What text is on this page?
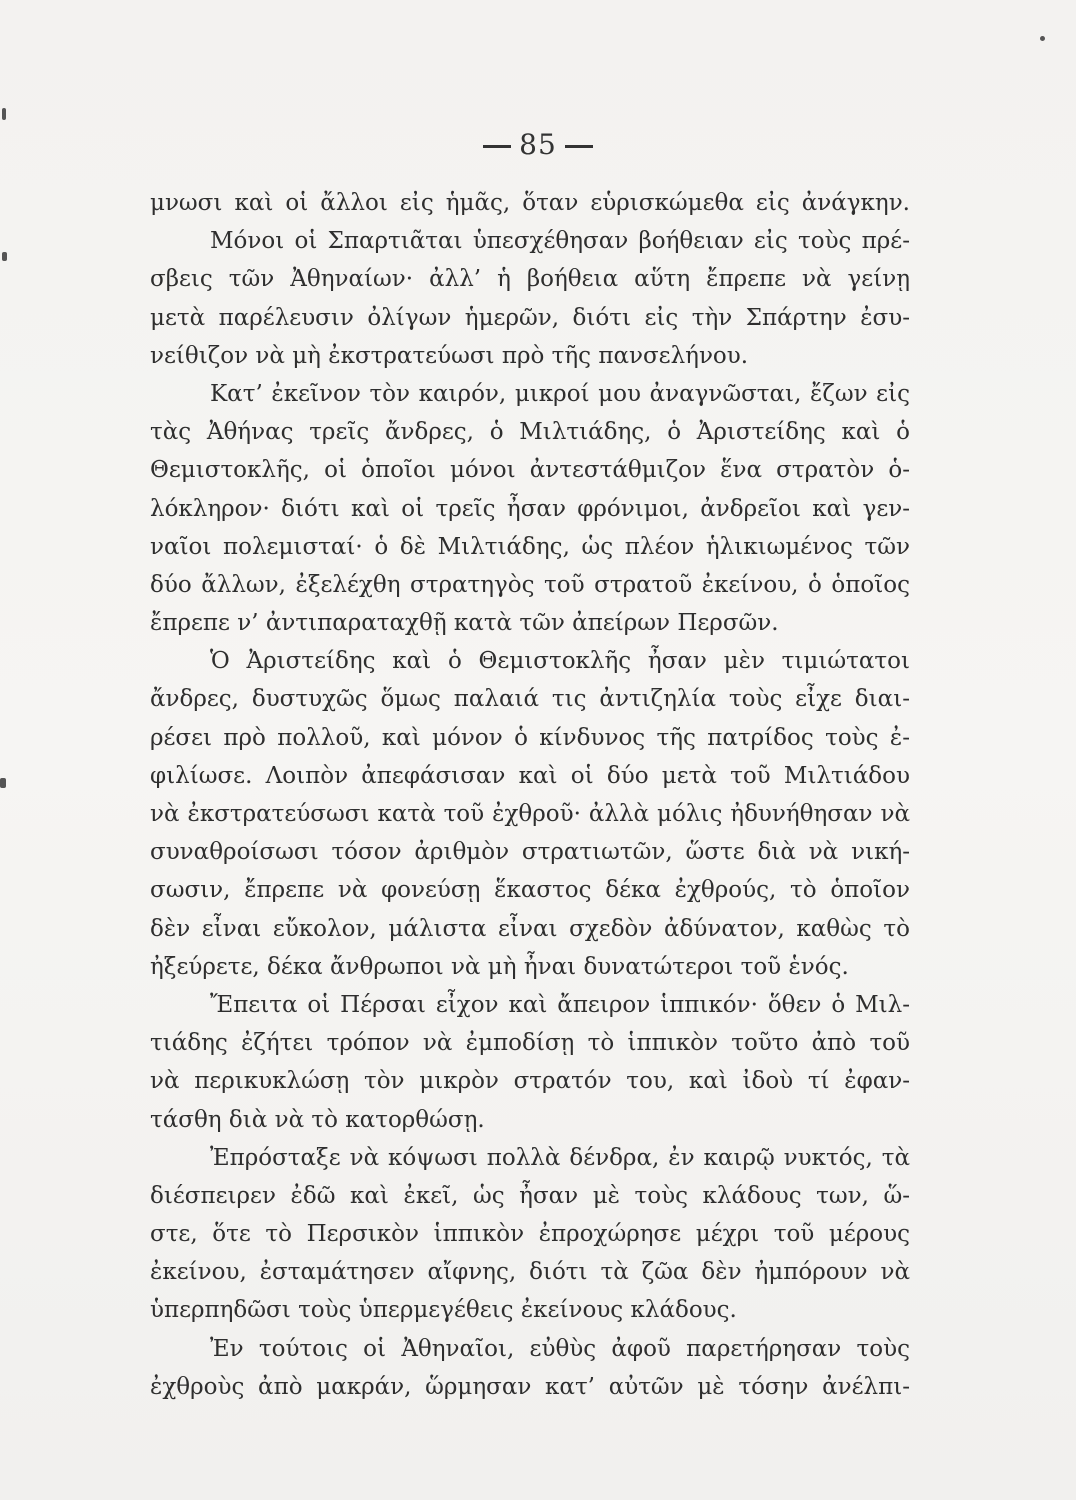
85
μνωσι καὶ οἱ ἄλλοι εἰς ἡμᾶς, ὅταν εὑρισκώμεθα εἰς ἀνάγκην.
Μόνοι οἱ Σπαρτιᾶται ὑπεσχέθησαν βοήθειαν εἰς τοὺς πρέ-
σβεις τῶν Ἀθηναίων· ἀλλ’ ἡ βοήθεια αὕτη ἔπρεπε νὰ γείνῃ
μετὰ παρέλευσιν ὀλίγων ἡμερῶν, διότι εἰς τὴν Σπάρτην ἐσυ-
νείθιζον νὰ μὴ ἐκστρατεύωσι πρὸ τῆς πανσελήνου.
Κατ’ ἐκεῖνον τὸν καιρόν, μικροί μου ἀναγνῶσται, ἔζων εἰς
τὰς Ἀθήνας τρεῖς ἄνδρες, ὁ Μιλτιάδης, ὁ Ἀριστείδης καὶ ὁ
Θεμιστοκλῆς, οἱ ὁποῖοι μόνοι ἀντεστάθμιζον ἕνα στρατὸν ὁ-
λόκληρον· διότι καὶ οἱ τρεῖς ἦσαν φρόνιμοι, ἀνδρεῖοι καὶ γεν-
ναῖοι πολεμισταί· ὁ δὲ Μιλτιάδης, ὡς πλέον ἡλικιωμένος τῶν
δύο ἄλλων, ἐξελέχθη στρατηγὸς τοῦ στρατοῦ ἐκείνου, ὁ ὁποῖος
ἔπρεπε ν’ ἀντιπαραταχθῇ κατὰ τῶν ἀπείρων Περσῶν.
Ὁ Ἀριστείδης καὶ ὁ Θεμιστοκλῆς ἦσαν μὲν τιμιώτατοι
ἄνδρες, δυστυχῶς ὅμως παλαιά τις ἀντιζηλία τοὺς εἶχε διαι-
ρέσει πρὸ πολλοῦ, καὶ μόνον ὁ κίνδυνος τῆς πατρίδος τοὺς ἐ-
φιλίωσε. Λοιπὸν ἀπεφάσισαν καὶ οἱ δύο μετὰ τοῦ Μιλτιάδου
νὰ ἐκστρατεύσωσι κατὰ τοῦ ἐχθροῦ· ἀλλὰ μόλις ἠδυνήθησαν νὰ
συναθροίσωσι τόσον ἀριθμὸν στρατιωτῶν, ὥστε διὰ νὰ νική-
σωσιν, ἔπρεπε νὰ φονεύσῃ ἕκαστος δέκα ἐχθρούς, τὸ ὁποῖον
δὲν εἶναι εὔκολον, μάλιστα εἶναι σχεδὸν ἀδύνατον, καθὼς τὸ
ἠξεύρετε, δέκα ἄνθρωποι νὰ μὴ ἦναι δυνατώτεροι τοῦ ἑνός.
Ἔπειτα οἱ Πέρσαι εἶχον καὶ ἄπειρον ἱππικόν· ὅθεν ὁ Μιλ-
τιάδης ἐζήτει τρόπον νὰ ἐμποδίσῃ τὸ ἱππικὸν τοῦτο ἀπὸ τοῦ
νὰ περικυκλώσῃ τὸν μικρὸν στρατόν του, καὶ ἰδοὺ τί ἐφαν-
τάσθη διὰ νὰ τὸ κατορθώσῃ.
Ἐπρόσταξε νὰ κόψωσι πολλὰ δένδρα, ἐν καιρῷ νυκτός, τὰ
διέσπειρεν ἐδῶ καὶ ἐκεῖ, ὡς ἦσαν μὲ τοὺς κλάδους των, ὥ-
στε, ὅτε τὸ Περσικὸν ἱππικὸν ἐπροχώρησε μέχρι τοῦ μέρους
ἐκείνου, ἐσταμάτησεν αἴφνης, διότι τὰ ζῶα δὲν ἠμπόρουν νὰ
ὑπερπηδῶσι τοὺς ὑπερμεγέθεις ἐκείνους κλάδους.
Ἐν τούτοις οἱ Ἀθηναῖοι, εὐθὺς ἀφοῦ παρετήρησαν τοὺς
ἐχθροὺς ἀπὸ μακράν, ὥρμησαν κατ’ αὐτῶν μὲ τόσην ἀνέλπι-
